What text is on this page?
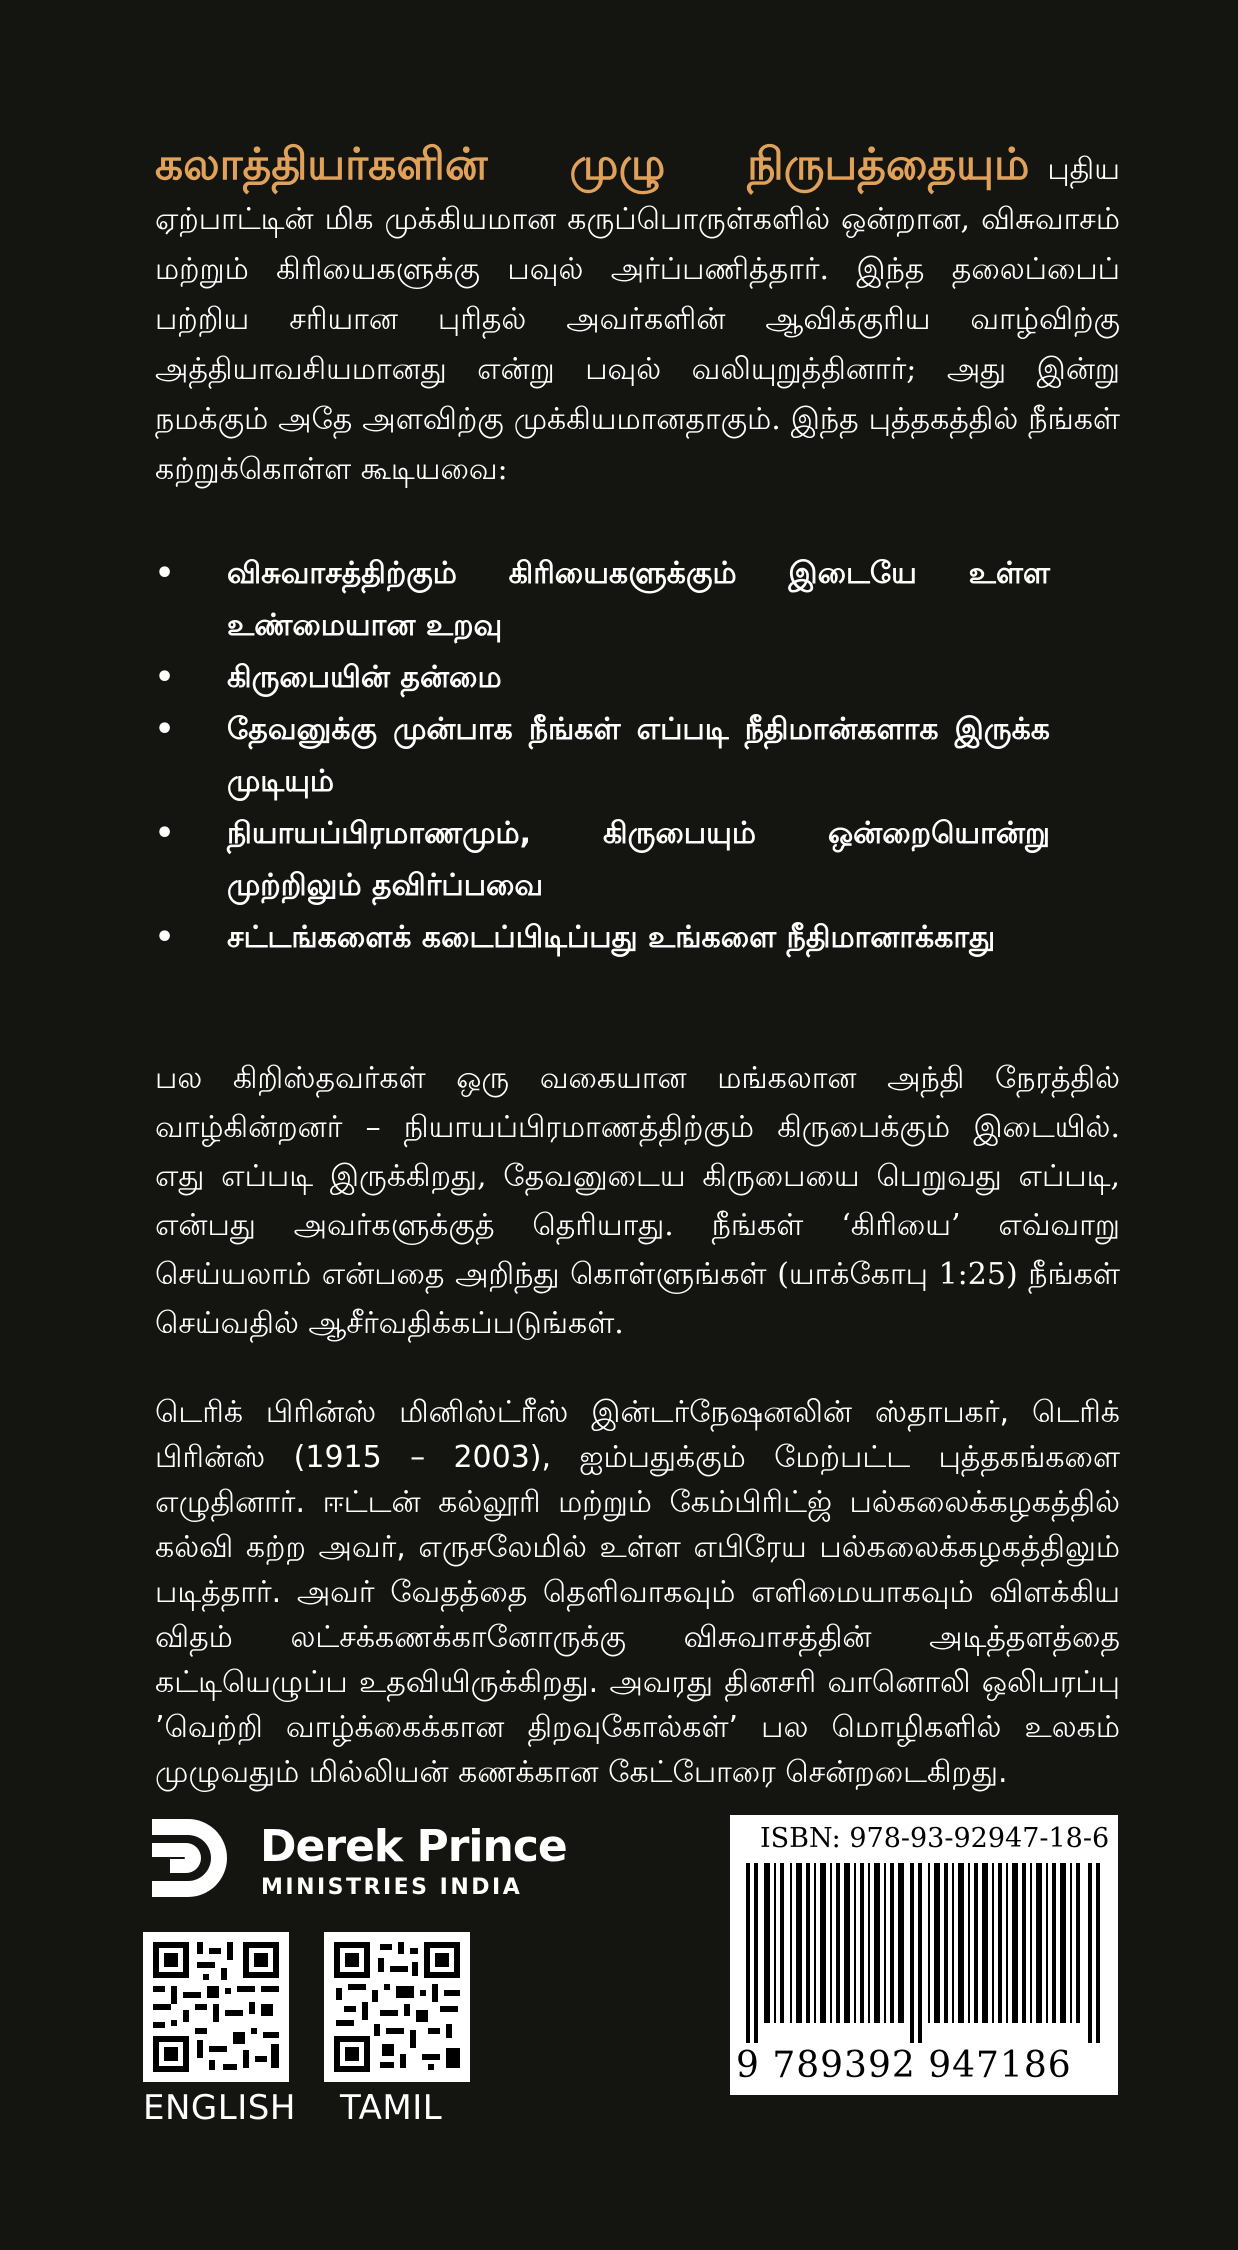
கலாத்தியர்களின் முழு நிருபத்தையும் புதிய ஏற்பாட்டின் மிக முக்கியமான கருப்பொருள்களில் ஒன்றான, விசுவாசம் மற்றும் கிரியைகளுக்கு பவுல் அர்ப்பணித்தார். இந்த தலைப்பைப் பற்றிய சரியான புரிதல் அவர்களின் ஆவிக்குரிய வாழ்விற்கு அத்தியாவசியமானது என்று பவுல் வலியுறுத்தினார்; அது இன்று நமக்கும் அதே அளவிற்கு முக்கியமானதாகும். இந்த புத்தகத்தில் நீங்கள் கற்றுக்கொள்ள கூடியவை:
• விசுவாசத்திற்கும் கிரியைகளுக்கும் இடையே உள்ள உண்மையான உறவு
• கிருபையின் தன்மை
• தேவனுக்கு முன்பாக நீங்கள் எப்படி நீதிமான்களாக இருக்க முடியும்
• நியாயப்பிரமாணமும், கிருபையும் ஒன்றையொன்று முற்றிலும் தவிர்ப்பவை
• சட்டங்களைக் கடைப்பிடிப்பது உங்களை நீதிமானாக்காது
பல கிறிஸ்தவர்கள் ஒரு வகையான மங்கலான அந்தி நேரத்தில் வாழ்கின்றனர் – நியாயப்பிரமாணத்திற்கும் கிருபைக்கும் இடையில். எது எப்படி இருக்கிறது, தேவனுடைய கிருபையை பெறுவது எப்படி, என்பது அவர்களுக்குத் தெரியாது. நீங்கள் ‘கிரியை’ எவ்வாறு செய்யலாம் என்பதை அறிந்து கொள்ளுங்கள் (யாக்கோபு 1:25) நீங்கள் செய்வதில் ஆசீர்வதிக்கப்படுங்கள்.
டெரிக் பிரின்ஸ் மினிஸ்ட்ரீஸ் இன்டர்நேஷனலின் ஸ்தாபகர், டெரிக் பிரின்ஸ் (1915 – 2003), ஐம்பதுக்கும் மேற்பட்ட புத்தகங்களை எழுதினார். ஈட்டன் கல்லூரி மற்றும் கேம்பிரிட்ஜ் பல்கலைக்கழகத்தில் கல்வி கற்ற அவர், எருசலேமில் உள்ள எபிரேய பல்கலைக்கழகத்திலும் படித்தார். அவர் வேதத்தை தெளிவாகவும் எளிமையாகவும் விளக்கிய விதம் லட்சக்கணக்கானோருக்கு விசுவாசத்தின் அடித்தளத்தை கட்டியெழுப்ப உதவியிருக்கிறது. அவரது தினசரி வானொலி ஒலிபரப்பு ’வெற்றி வாழ்க்கைக்கான திறவுகோல்கள்’ பல மொழிகளில் உலகம் முழுவதும் மில்லியன் கணக்கான கேட்போரை சென்றடைகிறது.
Derek Prince
MINISTRIES INDIA
ENGLISH TAMIL
ISBN: 978-93-92947-18-6
9 789392 947186
